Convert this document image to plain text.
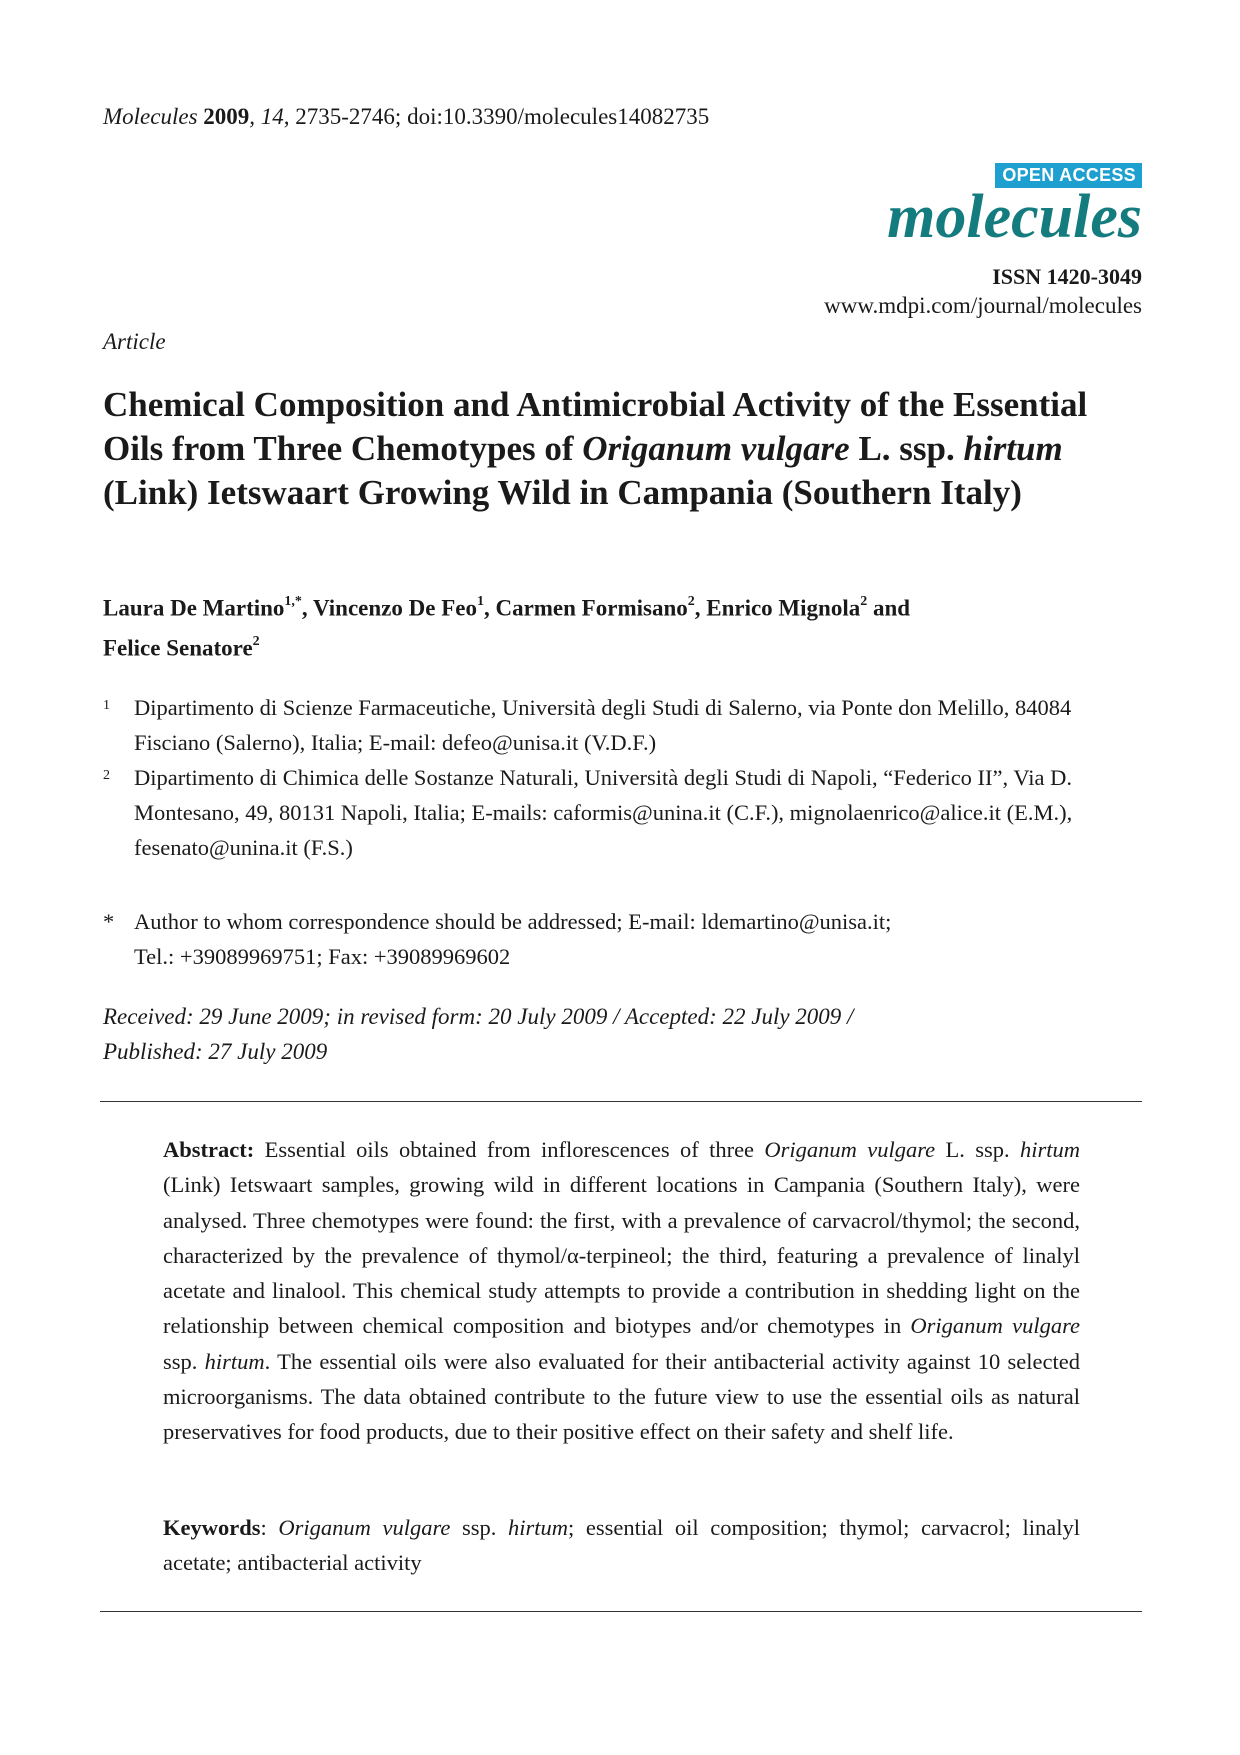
Molecules 2009, 14, 2735-2746; doi:10.3390/molecules14082735
OPEN ACCESS
molecules
ISSN 1420-3049
www.mdpi.com/journal/molecules
Article
Chemical Composition and Antimicrobial Activity of the Essential Oils from Three Chemotypes of Origanum vulgare L. ssp. hirtum (Link) Ietswaart Growing Wild in Campania (Southern Italy)
Laura De Martino$^{1,*}$, Vincenzo De Feo$^1$, Carmen Formisano$^2$, Enrico Mignola$^2$ and
Felice Senatore$^2$
1 Dipartimento di Scienze Farmaceutiche, Università degli Studi di Salerno, via Ponte don Melillo, 84084 Fisciano (Salerno), Italia; E-mail: defeo@unisa.it (V.D.F.)
2 Dipartimento di Chimica delle Sostanze Naturali, Università degli Studi di Napoli, “Federico II”, Via D. Montesano, 49, 80131 Napoli, Italia; E-mails: caformis@unina.it (C.F.), mignolaenrico@alice.it (E.M.), fesenato@unina.it (F.S.)
* Author to whom correspondence should be addressed; E-mail: ldemartino@unisa.it;
Tel.: +39089969751; Fax: +39089969602
Received: 29 June 2009; in revised form: 20 July 2009 / Accepted: 22 July 2009 /
Published: 27 July 2009
Abstract: Essential oils obtained from inflorescences of three Origanum vulgare L. ssp. hirtum (Link) Ietswaart samples, growing wild in different locations in Campania (Southern Italy), were analysed. Three chemotypes were found: the first, with a prevalence of carvacrol/thymol; the second, characterized by the prevalence of thymol/α-terpineol; the third, featuring a prevalence of linalyl acetate and linalool. This chemical study attempts to provide a contribution in shedding light on the relationship between chemical composition and biotypes and/or chemotypes in Origanum vulgare ssp. hirtum. The essential oils were also evaluated for their antibacterial activity against 10 selected microorganisms. The data obtained contribute to the future view to use the essential oils as natural preservatives for food products, due to their positive effect on their safety and shelf life.
Keywords: Origanum vulgare ssp. hirtum; essential oil composition; thymol; carvacrol; linalyl acetate; antibacterial activity
